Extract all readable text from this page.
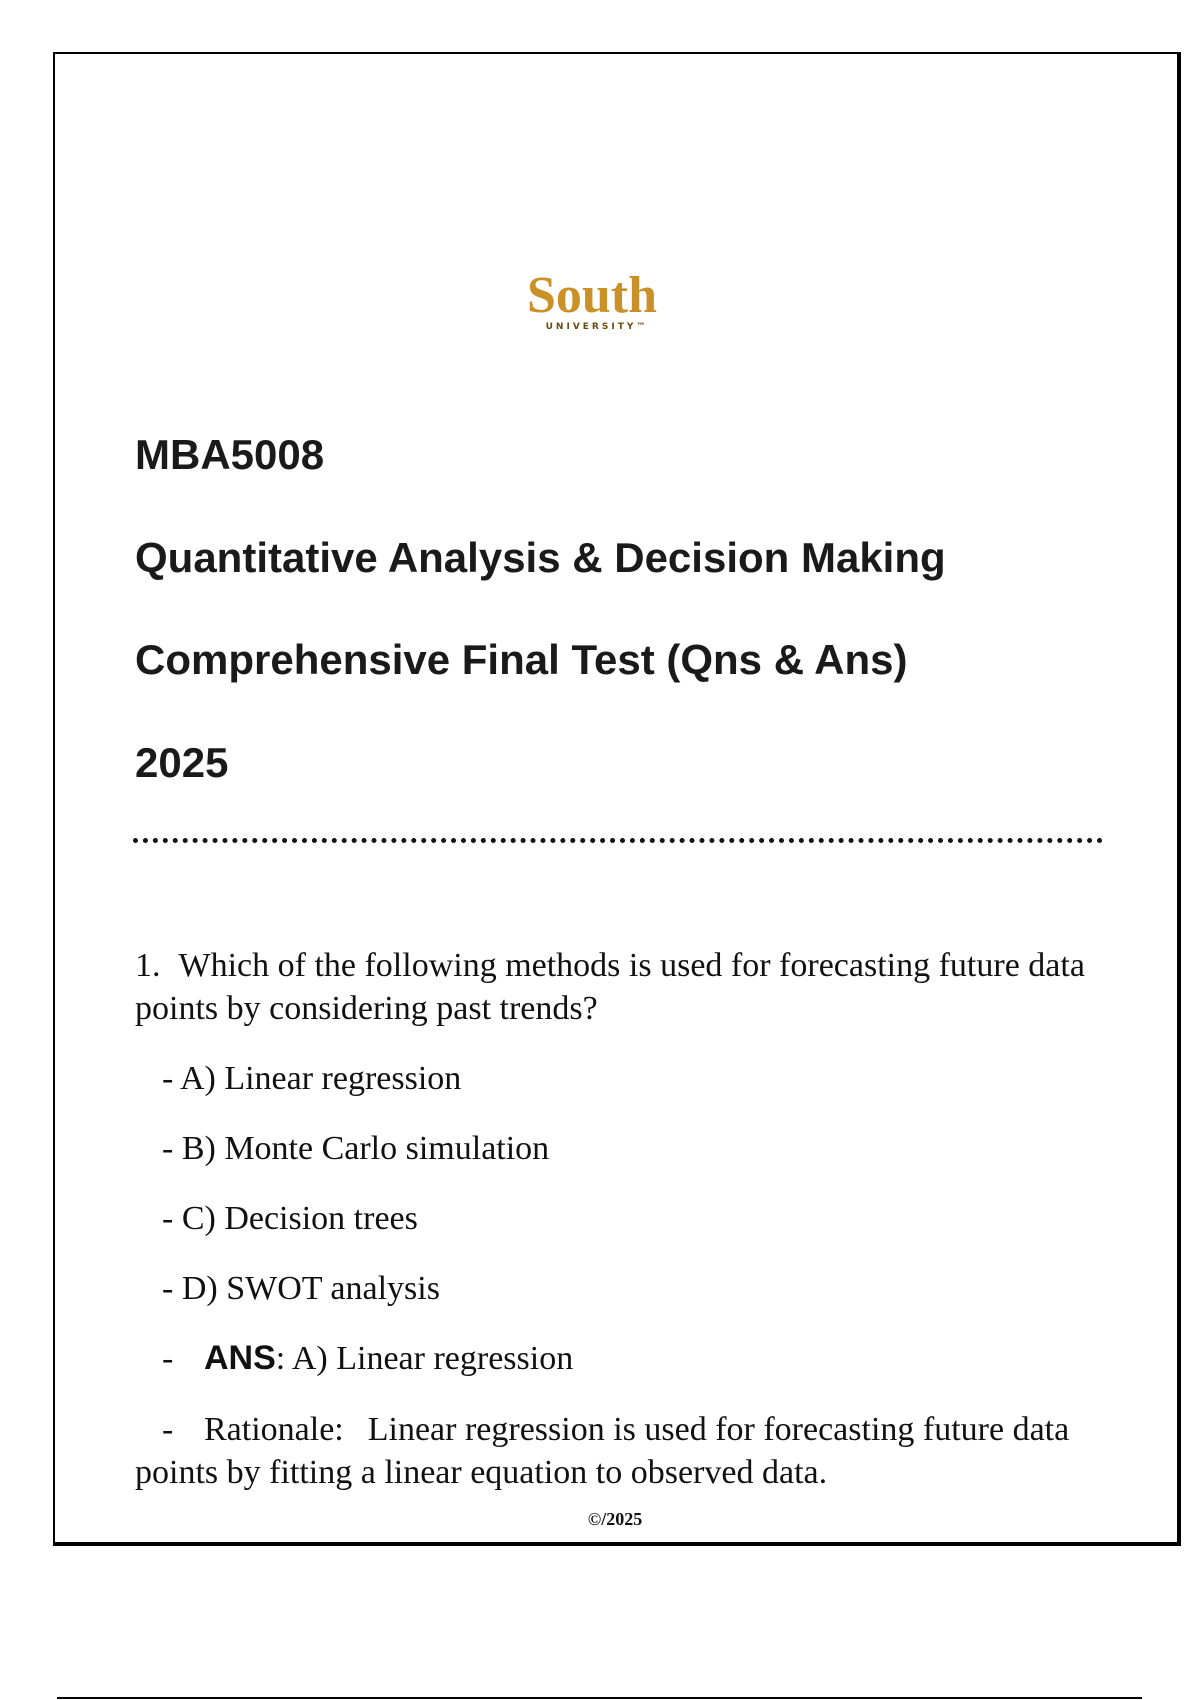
South
UNIVERSITY™
MBA5008
Quantitative Analysis & Decision Making
Comprehensive Final Test (Qns & Ans)
2025
1. Which of the following methods is used for forecasting future data points by considering past trends?
- A) Linear regression
- B) Monte Carlo simulation
- C) Decision trees
- D) SWOT analysis
- ANS: A) Linear regression
- Rationale: Linear regression is used for forecasting future data points by fitting a linear equation to observed data.
©/2025
